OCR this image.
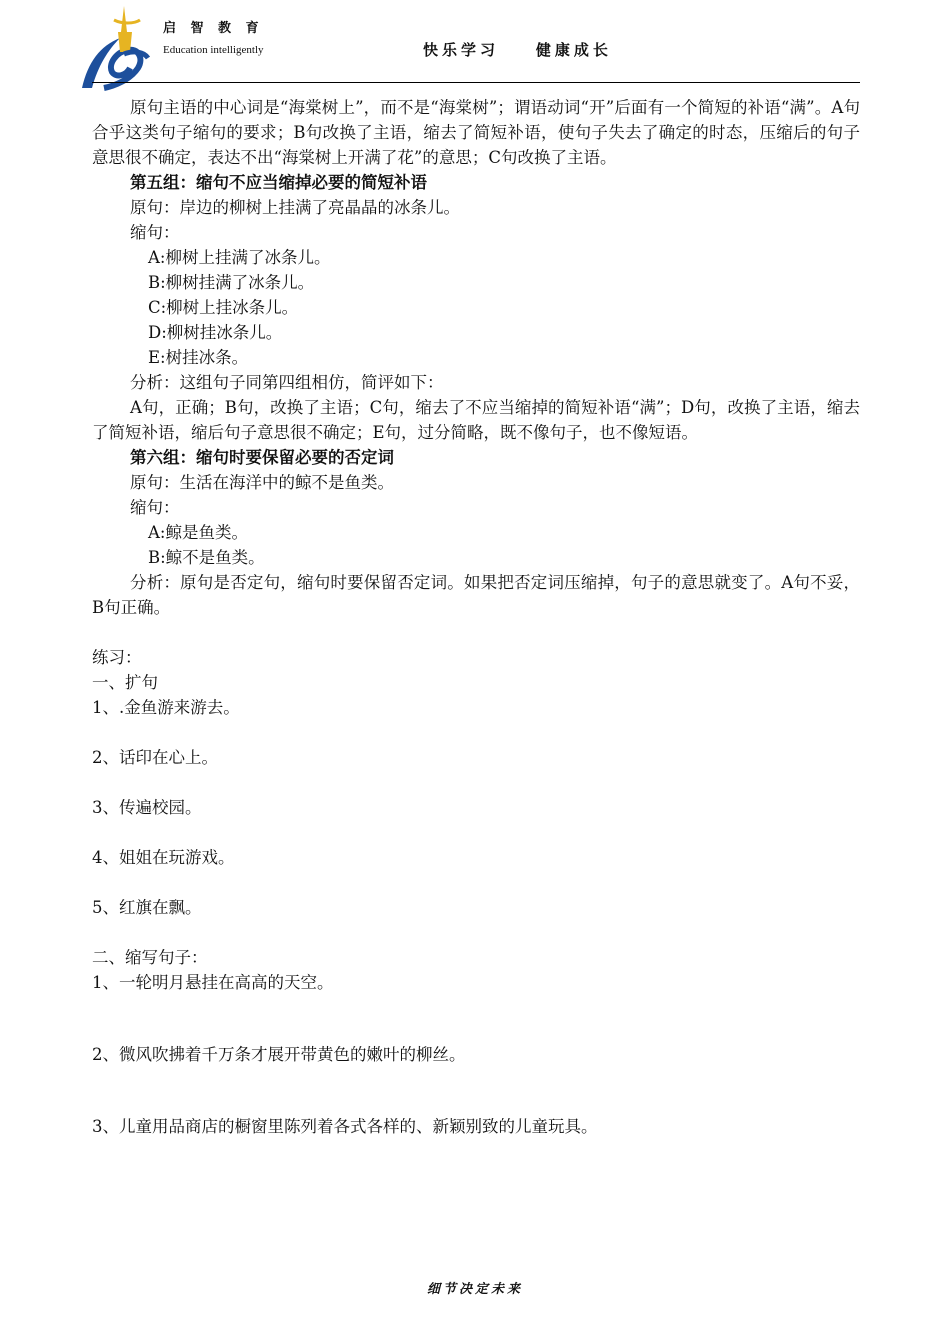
启 智 教 育
Education intelligently	快乐学习    健康成长

原句主语的中心词是“海棠树上”，而不是“海棠树”；谓语动词“开”后面有一个简短的补语“满”。A句合乎这类句子缩句的要求；B句改换了主语，缩去了简短补语，使句子失去了确定的时态，压缩后的句子意思很不确定，表达不出“海棠树上开满了花”的意思；C句改换了主语。

第五组：缩句不应当缩掉必要的简短补语

原句：岸边的柳树上挂满了亮晶晶的冰条儿。

缩句：

A:柳树上挂满了冰条儿。

B:柳树挂满了冰条儿。

C:柳树上挂冰条儿。

D:柳树挂冰条儿。

E:树挂冰条。

分析：这组句子同第四组相仿，简评如下：

A句，正确；B句，改换了主语；C句，缩去了不应当缩掉的简短补语“满”；D句，改换了主语，缩去了简短补语，缩后句子意思很不确定；E句，过分简略，既不像句子，也不像短语。

第六组：缩句时要保留必要的否定词

原句：生活在海洋中的鲸不是鱼类。

缩句：

A:鲸是鱼类。

B:鲸不是鱼类。

分析：原句是否定句，缩句时要保留否定词。如果把否定词压缩掉，句子的意思就变了。A句不妥，B句正确。

练习：

一、扩句

1、.金鱼游来游去。

2、话印在心上。

3、传遍校园。

4、姐姐在玩游戏。

5、红旗在飘。

二、缩写句子：

1、一轮明月悬挂在高高的天空。

2、微风吹拂着千万条才展开带黄色的嫩叶的柳丝。

3、儿童用品商店的橱窗里陈列着各式各样的、新颖别致的儿童玩具。

细节决定未来
